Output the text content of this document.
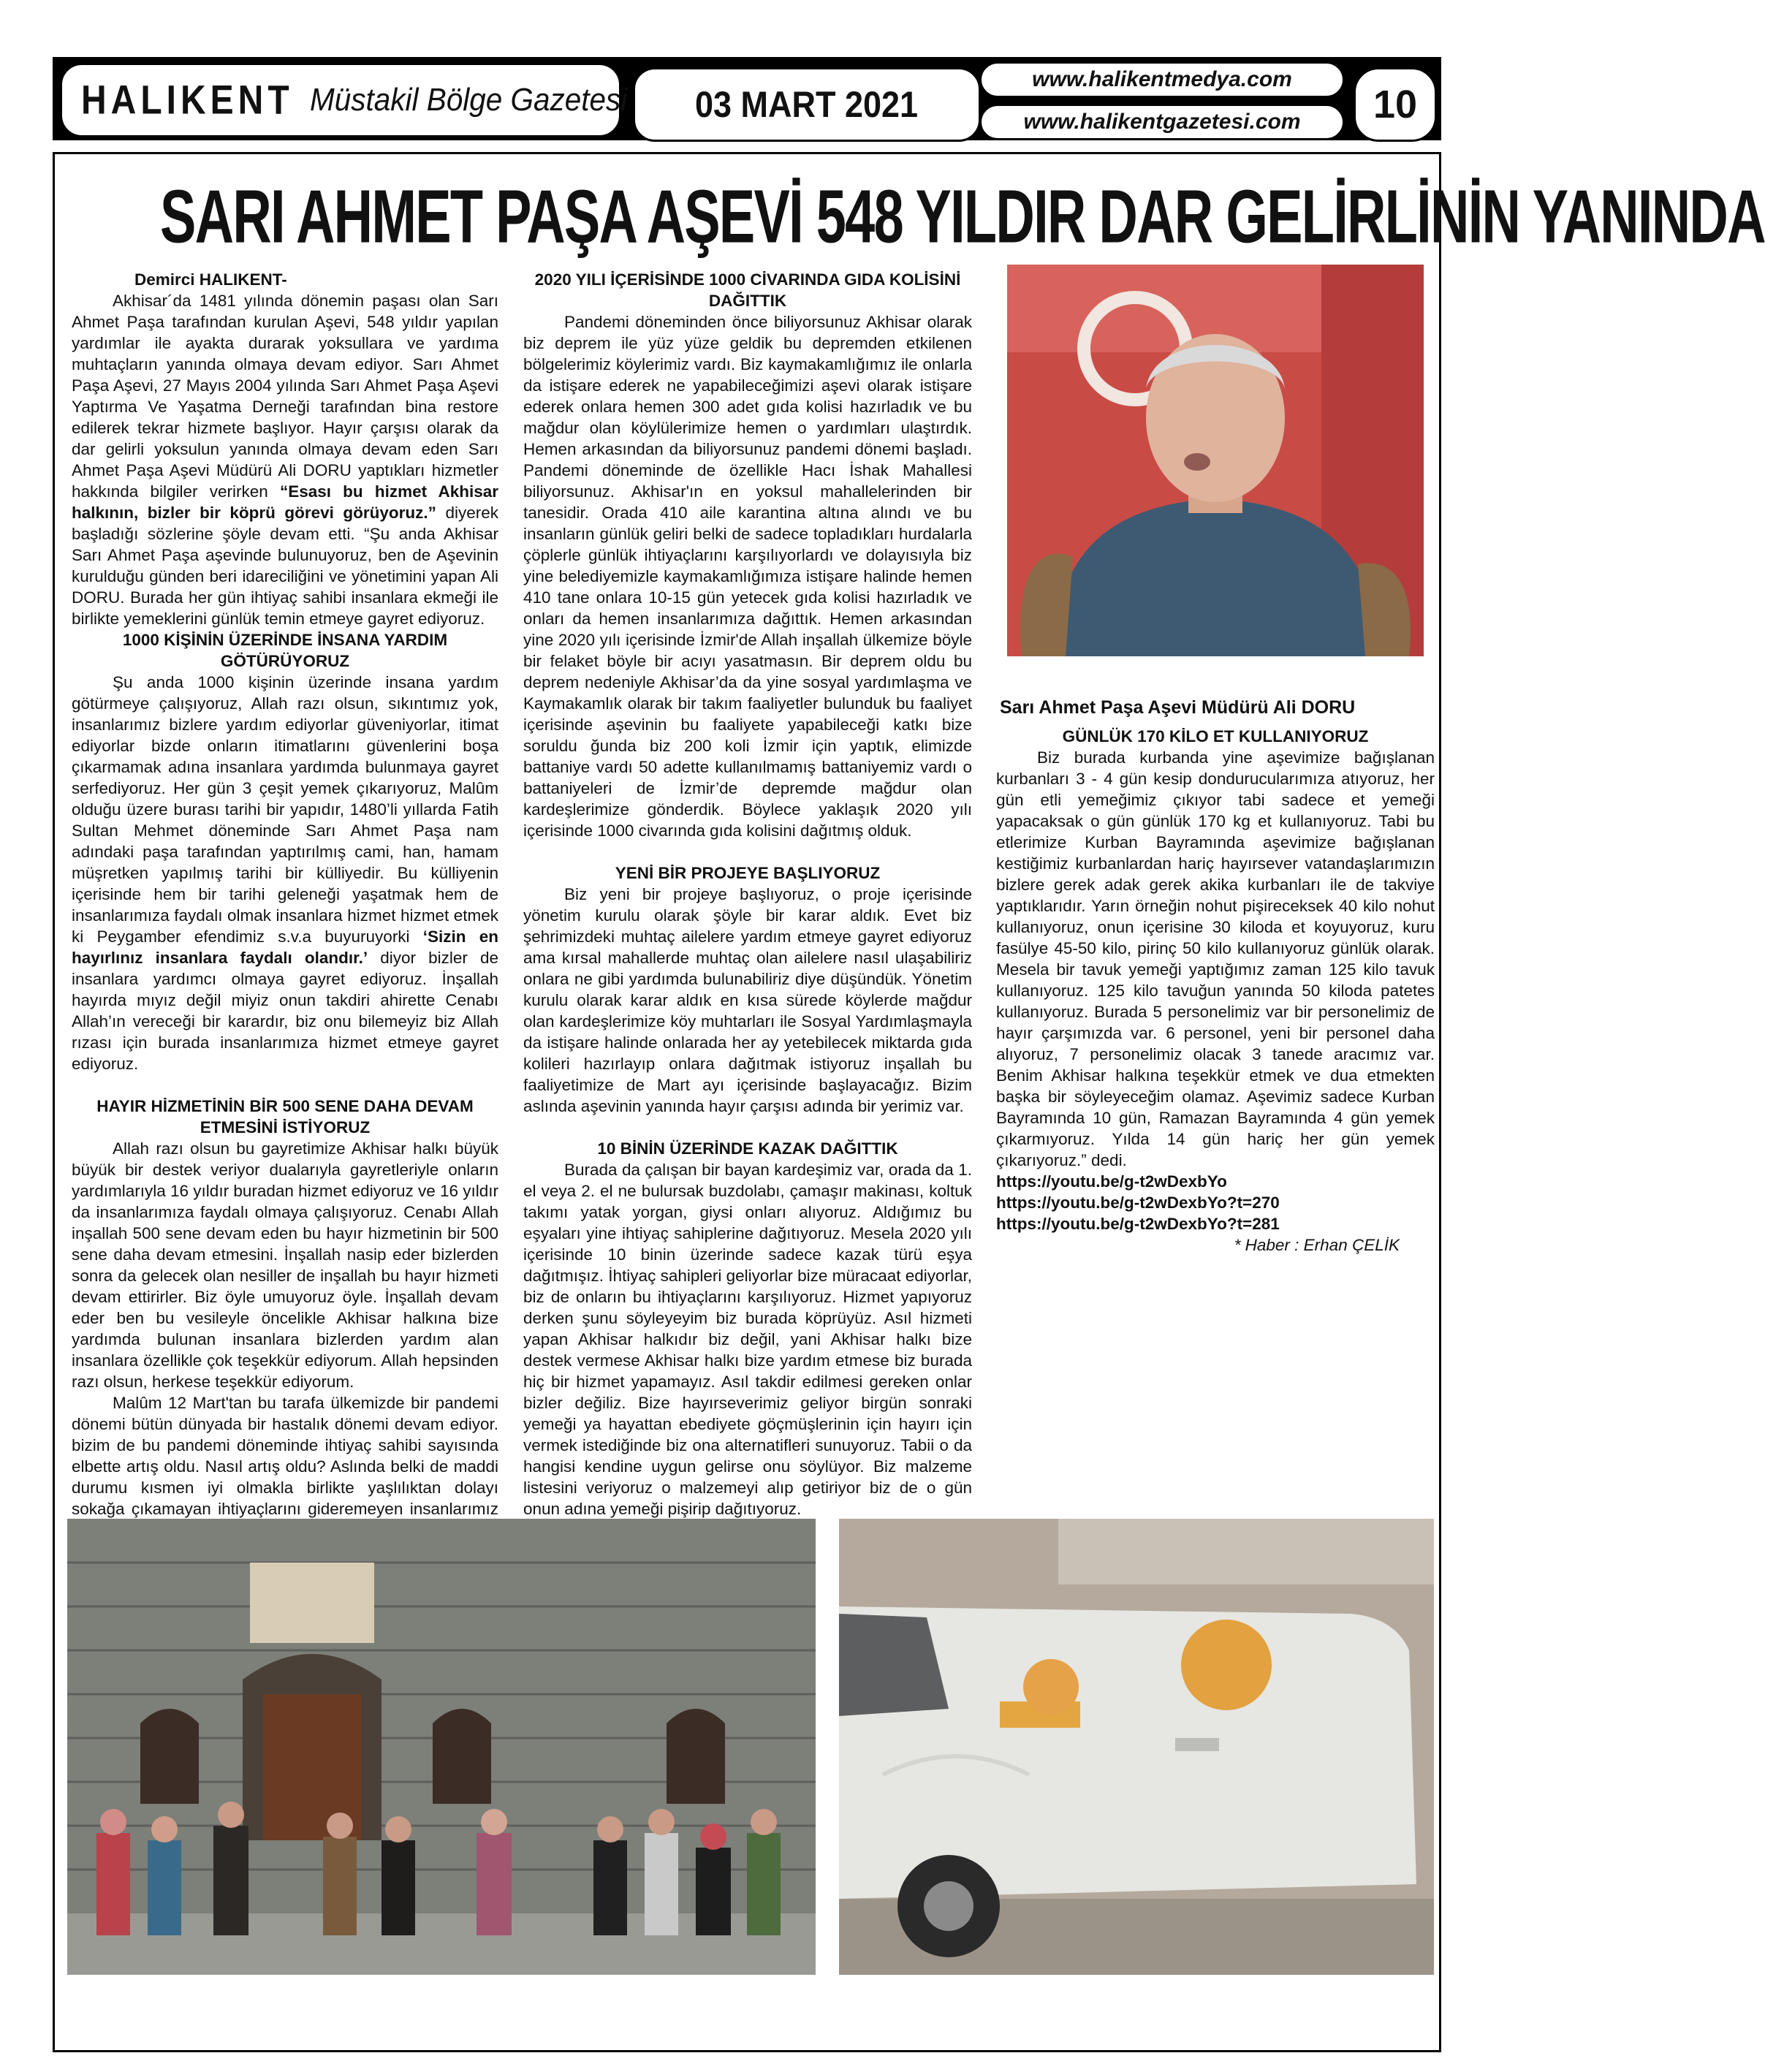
HALIKENT Müstakil Bölge Gazetesi 03 MART 2021
www.halikentmedya.com
www.halikentgazetesi.com	10
SARI AHMET PAŞA AŞEVİ 548 YILDIR DAR GELİRLİNİN YANINDA

Demirci HALIKENT-

Akhisar´da 1481 yılında dönemin paşası olan Sarı Ahmet Paşa tarafından kurulan Aşevi, 548 yıldır yapılan yardımlar ile ayakta durarak yoksullara ve yardıma muhtaçların yanında olmaya devam ediyor. Sarı Ahmet Paşa Aşevi, 27 Mayıs 2004 yılında Sarı Ahmet Paşa Aşevi Yaptırma Ve Yaşatma Derneği tarafından bina restore edilerek tekrar hizmete başlıyor. Hayır çarşısı olarak da dar gelirli yoksulun yanında olmaya devam eden Sarı Ahmet Paşa Aşevi Müdürü Ali DORU yaptıkları hizmetler hakkında bilgiler verirken “Esası bu hizmet Akhisar halkının, bizler bir köprü görevi görüyoruz.” diyerek başladığı sözlerine şöyle devam etti. “Şu anda Akhisar Sarı Ahmet Paşa aşevinde bulunuyoruz, ben de Aşevinin kurulduğu günden beri idareciliğini ve yönetimini yapan Ali DORU. Burada her gün ihtiyaç sahibi insanlara ekmeği ile birlikte yemeklerini günlük temin etmeye gayret ediyoruz.

1000 KİŞİNİN ÜZERİNDE İNSANA YARDIM GÖTÜRÜYORUZ

Şu anda 1000 kişinin üzerinde insana yardım götürmeye çalışıyoruz, Allah razı olsun, sıkıntımız yok, insanlarımız bizlere yardım ediyorlar güveniyorlar, itimat ediyorlar bizde onların itimatlarını güvenlerini boşa çıkarmamak adına insanlara yardımda bulunmaya gayret serfediyoruz. Her gün 3 çeşit yemek çıkarıyoruz, Malûm olduğu üzere burası tarihi bir yapıdır, 1480’li yıllarda Fatih Sultan Mehmet döneminde Sarı Ahmet Paşa nam adındaki paşa tarafından yaptırılmış cami, han, hamam müşretken yapılmış tarihi bir külliyedir. Bu külliyenin içerisinde hem bir tarihi geleneği yaşatmak hem de insanlarımıza faydalı olmak insanlara hizmet hizmet etmek ki Peygamber efendimiz s.v.a buyuruyorki ‘Sizin en hayırlınız insanlara faydalı olandır.’ diyor bizler de insanlara yardımcı olmaya gayret ediyoruz. İnşallah hayırda mıyız değil miyiz onun takdiri ahirette Cenabı Allah’ın vereceği bir karardır, biz onu bilemeyiz biz Allah rızası için burada insanlarımıza hizmet etmeye gayret ediyoruz.

HAYIR HİZMETİNİN BİR 500 SENE DAHA DEVAM ETMESİNİ İSTİYORUZ

Allah razı olsun bu gayretimize Akhisar halkı büyük büyük bir destek veriyor dualarıyla gayretleriyle onların yardımlarıyla 16 yıldır buradan hizmet ediyoruz ve 16 yıldır da insanlarımıza faydalı olmaya çalışıyoruz. Cenabı Allah inşallah 500 sene devam eden bu hayır hizmetinin bir 500 sene daha devam etmesini. İnşallah nasip eder bizlerden sonra da gelecek olan nesiller de inşallah bu hayır hizmeti devam ettirirler. Biz öyle umuyoruz öyle. İnşallah devam eder ben bu vesileyle öncelikle Akhisar halkına bize yardımda bulunan insanlara bizlerden yardım alan insanlara özellikle çok teşekkür ediyorum. Allah hepsinden razı olsun, herkese teşekkür ediyorum.

Malûm 12 Mart'tan bu tarafa ülkemizde bir pandemi dönemi bütün dünyada bir hastalık dönemi devam ediyor. bizim de bu pandemi döneminde ihtiyaç sahibi sayısında elbette artış oldu. Nasıl artış oldu? Aslında belki de maddi durumu kısmen iyi olmakla birlikte yaşlılıktan dolayı sokağa çıkamayan ihtiyaçlarını gideremeyen insanlarımız

2020 YILI İÇERİSİNDE 1000 CİVARINDA GIDA KOLİSİNİ DAĞITTIK

Pandemi döneminden önce biliyorsunuz Akhisar olarak biz deprem ile yüz yüze geldik bu depremden etkilenen bölgelerimiz köylerimiz vardı. Biz kaymakamlığımız ile onlarla da istişare ederek ne yapabileceğimizi aşevi olarak istişare ederek onlara hemen 300 adet gıda kolisi hazırladık ve bu mağdur olan köylülerimize hemen o yardımları ulaştırdık. Hemen arkasından da biliyorsunuz pandemi dönemi başladı. Pandemi döneminde de özellikle Hacı İshak Mahallesi biliyorsunuz. Akhisar'ın en yoksul mahallelerinden bir tanesidir. Orada 410 aile karantina altına alındı ve bu insanların günlük geliri belki de sadece topladıkları hurdalarla çöplerle günlük ihtiyaçlarını karşılıyorlardı ve dolayısıyla biz yine belediyemizle kaymakamlığımıza istişare halinde hemen 410 tane onlara 10-15 gün yetecek gıda kolisi hazırladık ve onları da hemen insanlarımıza dağıttık. Hemen arkasından yine 2020 yılı içerisinde İzmir'de Allah inşallah ülkemize böyle bir felaket böyle bir acıyı yasatmasın. Bir deprem oldu bu deprem nedeniyle Akhisar’da da yine sosyal yardımlaşma ve Kaymakamlık olarak bir takım faaliyetler bulunduk bu faaliyet içerisinde aşevinin bu faaliyete yapabileceği katkı bize soruldu ğunda biz 200 koli İzmir için yaptık, elimizde battaniye vardı 50 adette kullanılmamış battaniyemiz vardı o battaniyeleri de İzmir’de depremde mağdur olan kardeşlerimize gönderdik. Böylece yaklaşık 2020 yılı içerisinde 1000 civarında gıda kolisini dağıtmış olduk.

YENİ BİR PROJEYE BAŞLIYORUZ

Biz yeni bir projeye başlıyoruz, o proje içerisinde yönetim kurulu olarak şöyle bir karar aldık. Evet biz şehrimizdeki muhtaç ailelere yardım etmeye gayret ediyoruz ama kırsal mahallerde muhtaç olan ailelere nasıl ulaşabiliriz onlara ne gibi yardımda bulunabiliriz diye düşündük. Yönetim kurulu olarak karar aldık en kısa sürede köylerde mağdur olan kardeşlerimize köy muhtarları ile Sosyal Yardımlaşmayla da istişare halinde onlarada her ay yetebilecek miktarda gıda kolileri hazırlayıp onlara dağıtmak istiyoruz inşallah bu faaliyetimize de Mart ayı içerisinde başlayacağız. Bizim aslında aşevinin yanında hayır çarşısı adında bir yerimiz var.

10 BİNİN ÜZERİNDE KAZAK DAĞITTIK

Burada da çalışan bir bayan kardeşimiz var, orada da 1. el veya 2. el ne bulursak buzdolabı, çamaşır makinası, koltuk takımı yatak yorgan, giysi onları alıyoruz. Aldığımız bu eşyaları yine ihtiyaç sahiplerine dağıtıyoruz. Mesela 2020 yılı içerisinde 10 binin üzerinde sadece kazak türü eşya dağıtmışız. İhtiyaç sahipleri geliyorlar bize müracaat ediyorlar, biz de onların bu ihtiyaçlarını karşılıyoruz. Hizmet yapıyoruz derken şunu söyleyeyim biz burada köprüyüz. Asıl hizmeti yapan Akhisar halkıdır biz değil, yani Akhisar halkı bize destek vermese Akhisar halkı bize yardım etmese biz burada hiç bir hizmet yapamayız. Asıl takdir edilmesi gereken onlar bizler değiliz. Bize hayırseverimiz geliyor birgün sonraki yemeği ya hayattan ebediyete göçmüşlerinin için hayırı için vermek istediğinde biz ona alternatifleri sunuyoruz. Tabii o da hangisi kendine uygun gelirse onu söylüyor. Biz malzeme listesini veriyoruz o malzemeyi alıp getiriyor biz de o gün onun adına yemeği pişirip dağıtıyoruz.

Sarı Ahmet Paşa Aşevi Müdürü Ali DORU

GÜNLÜK 170 KİLO ET KULLANIYORUZ

Biz burada kurbanda yine aşevimize bağışlanan kurbanları 3 - 4 gün kesip dondurucularımıza atıyoruz, her gün etli yemeğimiz çıkıyor tabi sadece et yemeği yapacaksak o gün günlük 170 kg et kullanıyoruz. Tabi bu etlerimize Kurban Bayramında aşevimize bağışlanan kestiğimiz kurbanlardan hariç hayırsever vatandaşlarımızın bizlere gerek adak gerek akika kurbanları ile de takviye yaptıklarıdır. Yarın örneğin nohut pişireceksek 40 kilo nohut kullanıyoruz, onun içerisine 30 kiloda et koyuyoruz, kuru fasülye 45-50 kilo, pirinç 50 kilo kullanıyoruz günlük olarak. Mesela bir tavuk yemeği yaptığımız zaman 125 kilo tavuk kullanıyoruz. 125 kilo tavuğun yanında 50 kiloda patetes kullanıyoruz. Burada 5 personelimiz var bir personelimiz de hayır çarşımızda var. 6 personel, yeni bir personel daha alıyoruz, 7 personelimiz olacak 3 tanede aracımız var. Benim Akhisar halkına teşekkür etmek ve dua etmekten başka bir söyleyeceğim olamaz. Aşevimiz sadece Kurban Bayramında 10 gün, Ramazan Bayramında 4 gün yemek çıkarmıyoruz. Yılda 14 gün hariç her gün yemek çıkarıyoruz.” dedi.

https://youtu.be/g-t2wDexbYo

https://youtu.be/g-t2wDexbYo?t=270

https://youtu.be/g-t2wDexbYo?t=281

* Haber : Erhan ÇELİK
